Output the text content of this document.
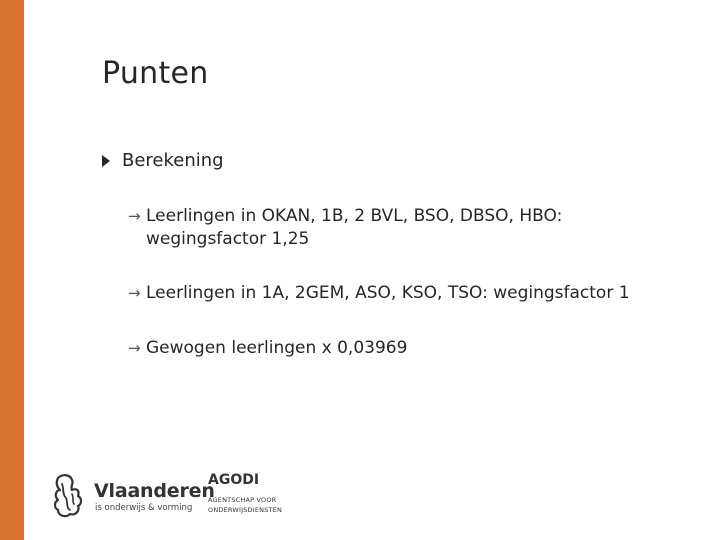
Punten
Berekening
→ Leerlingen in OKAN, 1B, 2 BVL, BSO, DBSO, HBO: wegingsfactor 1,25
→ Leerlingen in 1A, 2GEM, ASO, KSO, TSO: wegingsfactor 1
→ Gewogen leerlingen x 0,03969
Vlaanderen
is onderwijs & vorming
AGODI
AGENTSCHAP VOOR
ONDERWIJSDIENSTEN
